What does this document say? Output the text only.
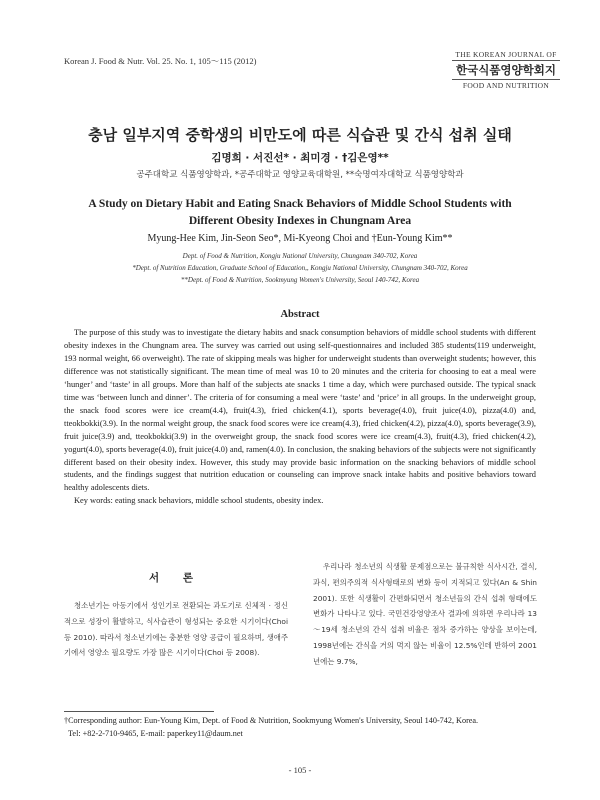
Korean J. Food & Nutr. Vol. 25. No. 1, 105～115 (2012)
THE KOREAN JOURNAL OF
한국식품영양학회지
FOOD AND NUTRITION
충남 일부지역 중학생의 비만도에 따른 식습관 및 간식 섭취 실태
김명희 · 서진선* · 최미경 · †김은영**
공주대학교 식품영양학과, *공주대학교 영양교육대학원, **숙명여자대학교 식품영양학과
A Study on Dietary Habit and Eating Snack Behaviors of Middle School Students with
Different Obesity Indexes in Chungnam Area
Myung-Hee Kim, Jin-Seon Seo*, Mi-Kyeong Choi and †Eun-Young Kim**
Dept. of Food & Nutrition, Kongju National University, Chungnam 340-702, Korea
*Dept. of Nutrition Education, Graduate School of Education,, Kongju National University, Chungnam 340-702, Korea
**Dept. of Food & Nutrition, Sookmyung Women's University, Seoul 140-742, Korea
Abstract

The purpose of this study was to investigate the dietary habits and snack consumption behaviors of middle school students with different obesity indexes in the Chungnam area. The survey was carried out using self-questionnaires and included 385 students(119 underweight, 193 normal weight, 66 overweight). The rate of skipping meals was higher for underweight students than overweight students; however, this difference was not statistically significant. The mean time of meal was 10 to 20 minutes and the criteria for choosing to eat a meal were ‘hunger’ and ‘taste’ in all groups. More than half of the subjects ate snacks 1 time a day, which were purchased outside. The typical snack time was ‘between lunch and dinner’. The criteria of for consuming a meal were ‘taste’ and ‘price’ in all groups. In the underweight group, the snack food scores were ice cream(4.4), fruit(4.3), fried chicken(4.1), sports beverage(4.0), fruit juice(4.0), pizza(4.0) and, tteokbokki(3.9). In the normal weight group, the snack food scores were ice cream(4.3), fried chicken(4.2), pizza(4.0), sports beverage(3.9), fruit juice(3.9) and, tteokbokki(3.9) in the overweight group, the snack food scores were ice cream(4.3), fruit(4.3), fried chicken(4.2), yogurt(4.0), sports beverage(4.0), fruit juice(4.0) and, ramen(4.0). In conclusion, the snaking behaviors of the subjects were not significantly different based on their obesity index. However, this study may provide basic information on the snacking behaviors of middle school students, and the findings suggest that nutrition education or counseling can improve snack intake habits and positive behaviors toward healthy adolescents diets.

Key words: eating snack behaviors, middle school students, obesity index.

서 론

청소년기는 아동기에서 성인기로 전환되는 과도기로 신체적 · 정신적으로 성장이 활발하고, 식사습관이 형성되는 중요한 시기이다(Choi 등 2010). 따라서 청소년기에는 충분한 영양 공급이 필요하며, 생애주기에서 영양소 필요량도 가장 많은 시기이다(Choi 등 2008).

우리나라 청소년의 식생활 문제점으로는 불규칙한 식사시간, 결식, 과식, 편의주의적 식사형태로의 변화 등이 지적되고 있다(An & Shin 2001). 또한 식생활이 간편화되면서 청소년들의 간식 섭취 형태에도 변화가 나타나고 있다. 국민건강영양조사 결과에 의하면 우리나라 13～19세 청소년의 간식 섭취 비율은 점차 증가하는 양상을 보이는데, 1998년에는 간식을 거의 먹지 않는 비율이 12.5%인데 반하여 2001년에는 9.7%,

†Corresponding author: Eun-Young Kim, Dept. of Food & Nutrition, Sookmyung Women's University, Seoul 140-742, Korea.
Tel: +82-2-710-9465, E-mail: paperkey11@daum.net
- 105 -
